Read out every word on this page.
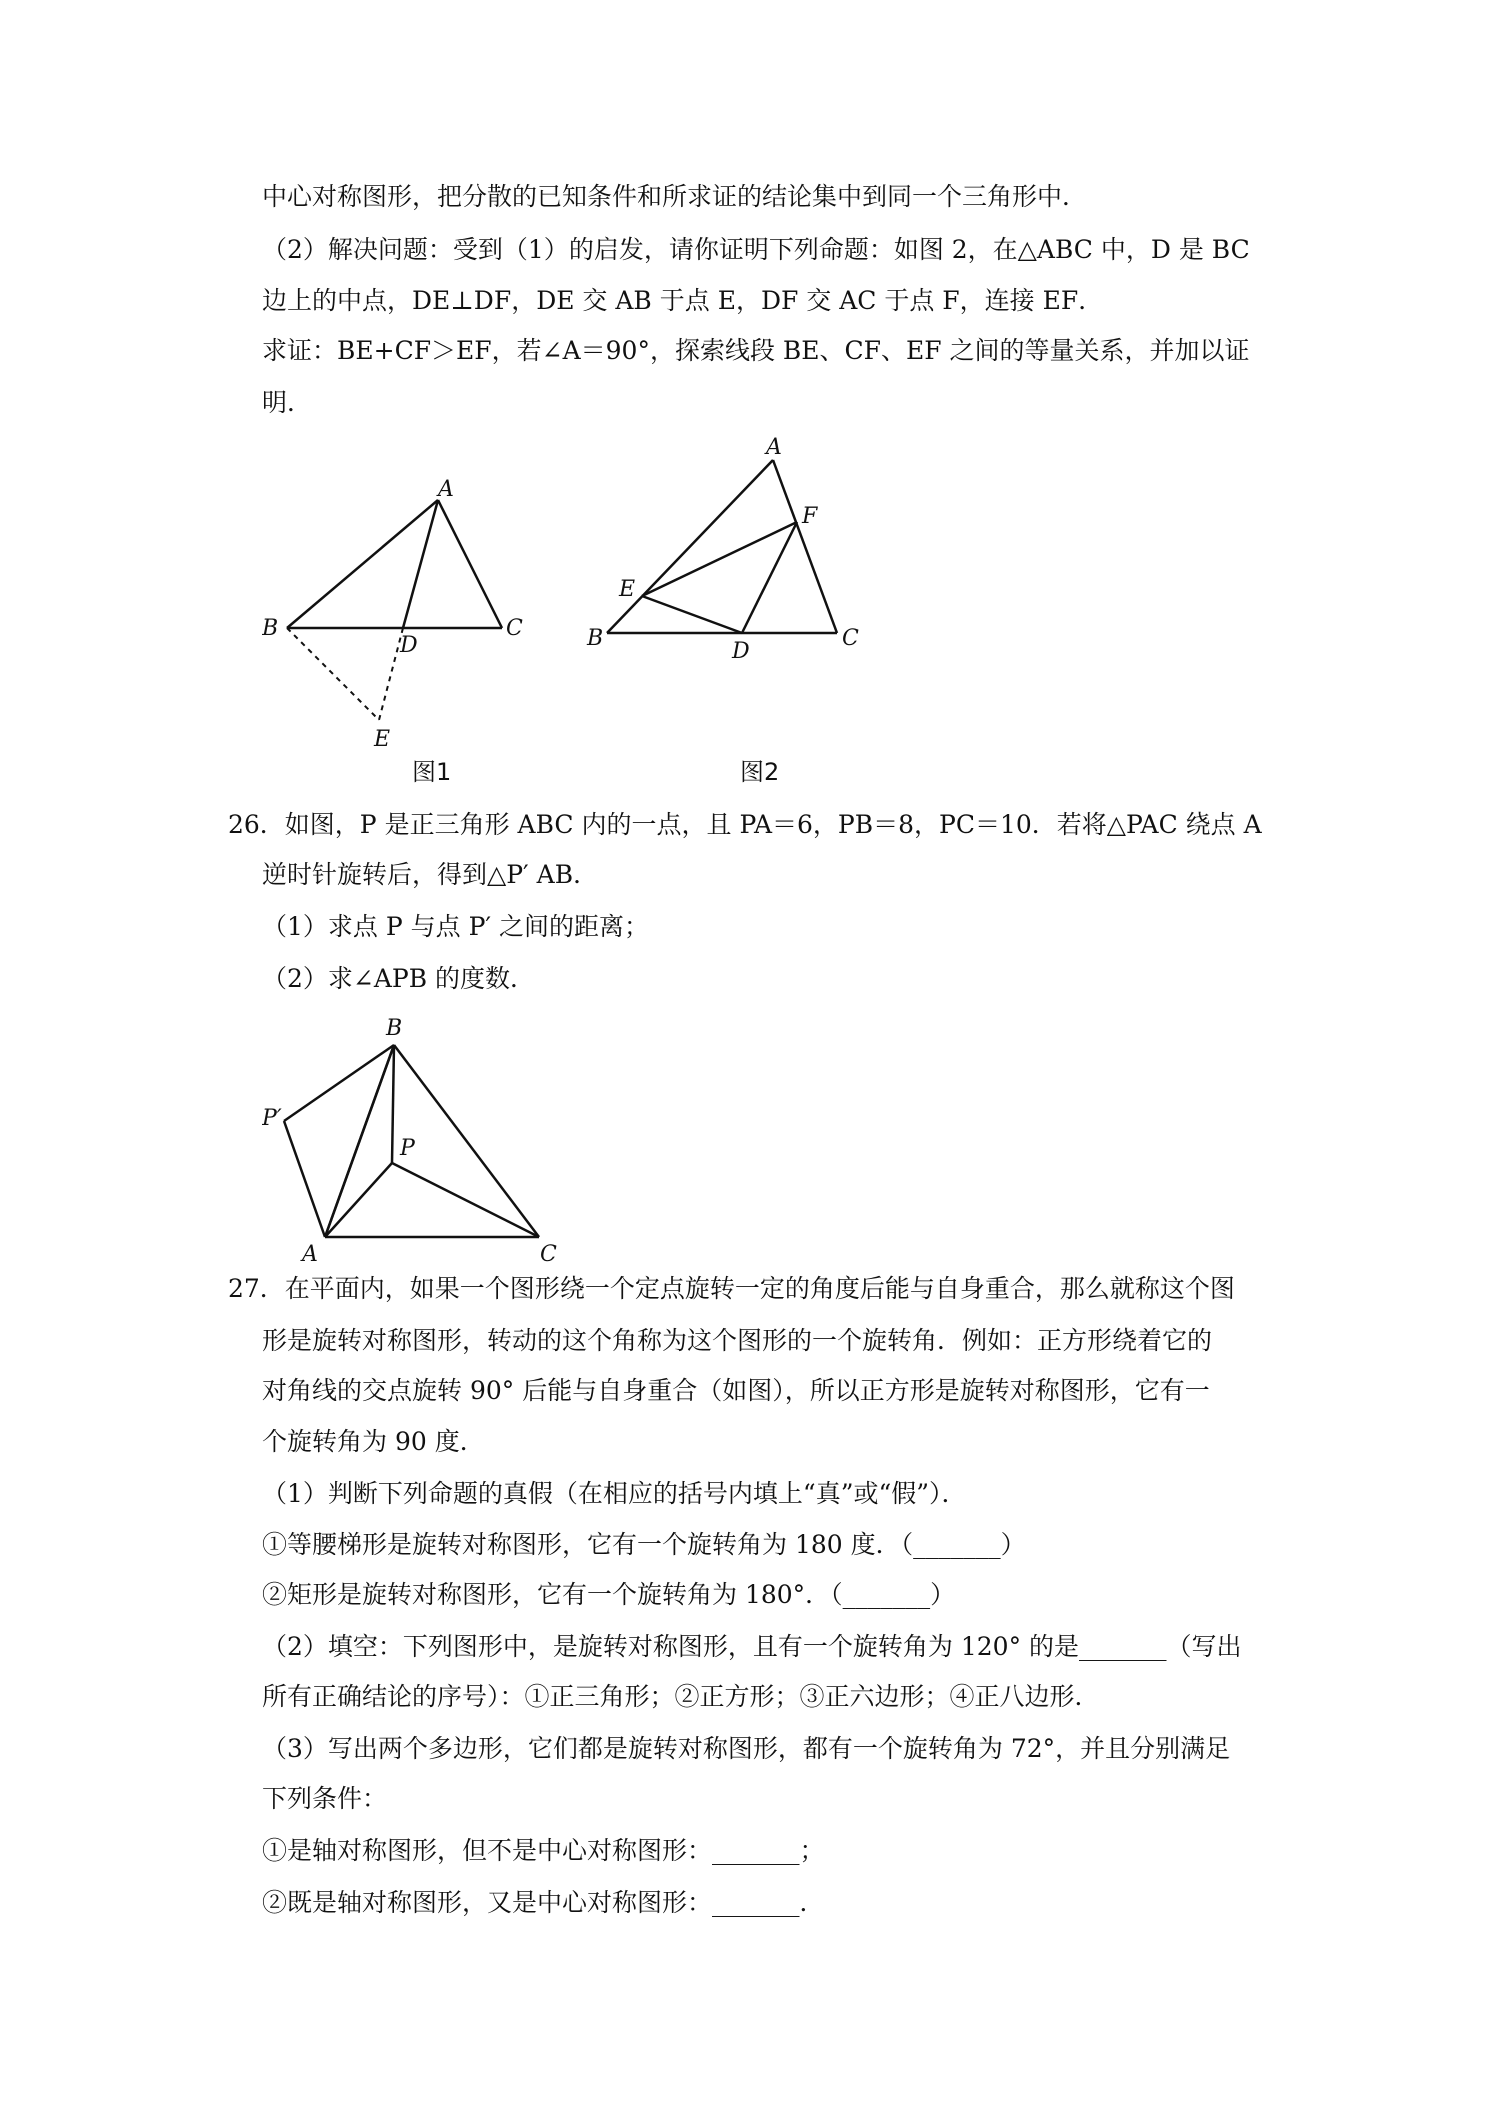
中心对称图形，把分散的已知条件和所求证的结论集中到同一个三角形中．
（2）解决问题：受到（1）的启发，请你证明下列命题：如图 2，在△ABC 中，D 是 BC
边上的中点，DE⊥DF，DE 交 AB 于点 E，DF 交 AC 于点 F，连接 EF．
求证：BE+CF＞EF，若∠A＝90°，探索线段 BE、CF、EF 之间的等量关系，并加以证
明．
A
B	C
D
E
图1
A
F
E
B
D
C
图2
26．如图，P 是正三角形 ABC 内的一点，且 PA＝6，PB＝8，PC＝10．若将△PAC 绕点 A
逆时针旋转后，得到△P′ AB．
（1）求点 P 与点 P′ 之间的距离；
（2）求∠APB 的度数．
B
P′
P
A	C
27．在平面内，如果一个图形绕一个定点旋转一定的角度后能与自身重合，那么就称这个图
形是旋转对称图形，转动的这个角称为这个图形的一个旋转角．例如：正方形绕着它的
对角线的交点旋转 90° 后能与自身重合（如图），所以正方形是旋转对称图形，它有一
个旋转角为 90 度．
（1）判断下列命题的真假（在相应的括号内填上“真”或“假”）．
①等腰梯形是旋转对称图形，它有一个旋转角为 180 度．（_______）
②矩形是旋转对称图形，它有一个旋转角为 180°．（_______）
（2）填空：下列图形中，是旋转对称图形，且有一个旋转角为 120° 的是_______（写出
所有正确结论的序号）：①正三角形；②正方形；③正六边形；④正八边形．
（3）写出两个多边形，它们都是旋转对称图形，都有一个旋转角为 72°，并且分别满足
下列条件：
①是轴对称图形，但不是中心对称图形：_______；
②既是轴对称图形，又是中心对称图形：_______．
